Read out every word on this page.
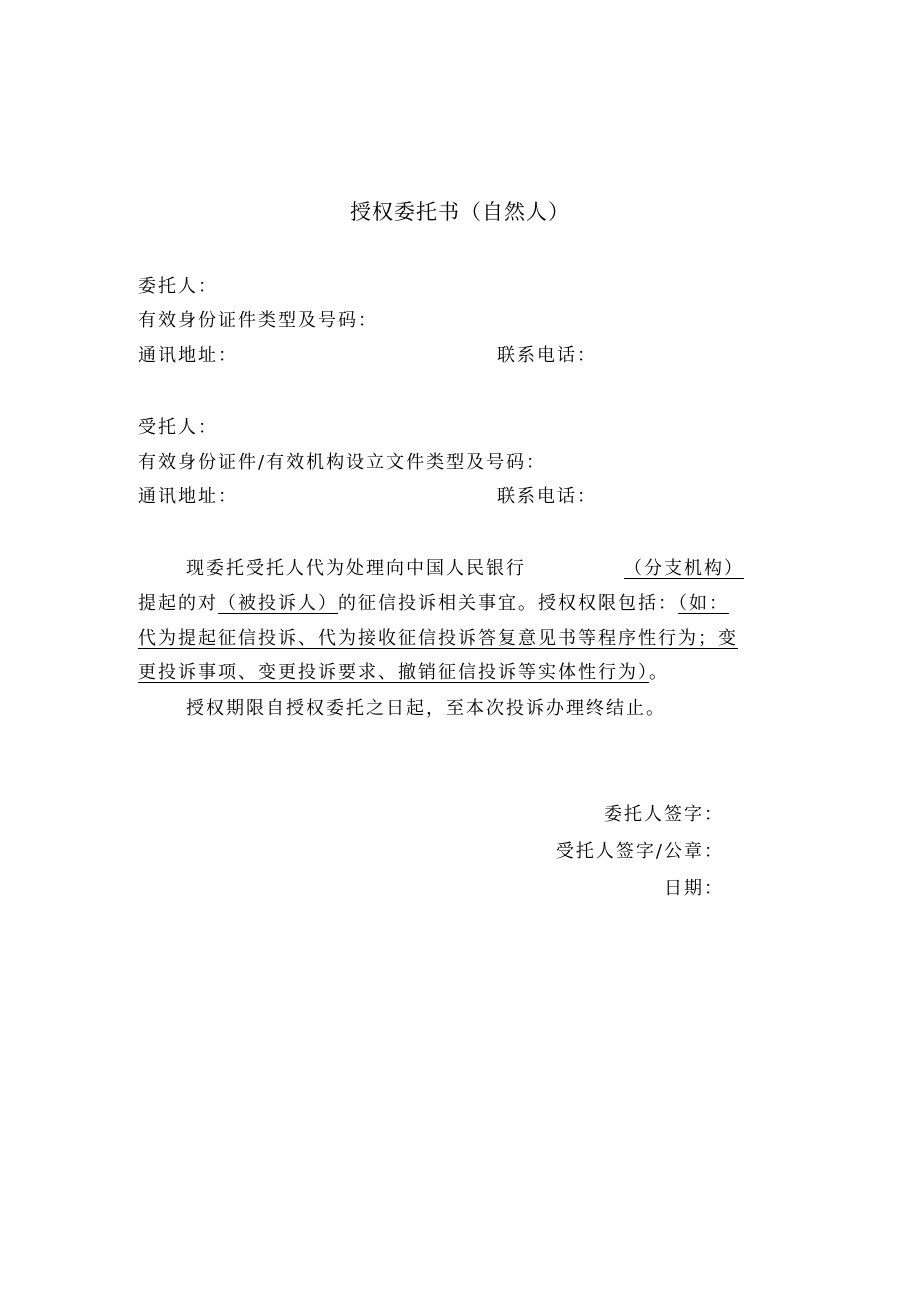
授权委托书（自然人）
委托人：
有效身份证件类型及号码：
通讯地址：	联系电话：
受托人：
有效身份证件/有效机构设立文件类型及号码：
通讯地址：	联系电话：
现委托受托人代为处理向中国人民银行	（分支机构）
提起的对（被投诉人）的征信投诉相关事宜。授权权限包括：（如：
代为提起征信投诉、代为接收征信投诉答复意见书等程序性行为；变
更投诉事项、变更投诉要求、撤销征信投诉等实体性行为）。
授权期限自授权委托之日起，至本次投诉办理终结止。
委托人签字：
受托人签字/公章：
日期：
